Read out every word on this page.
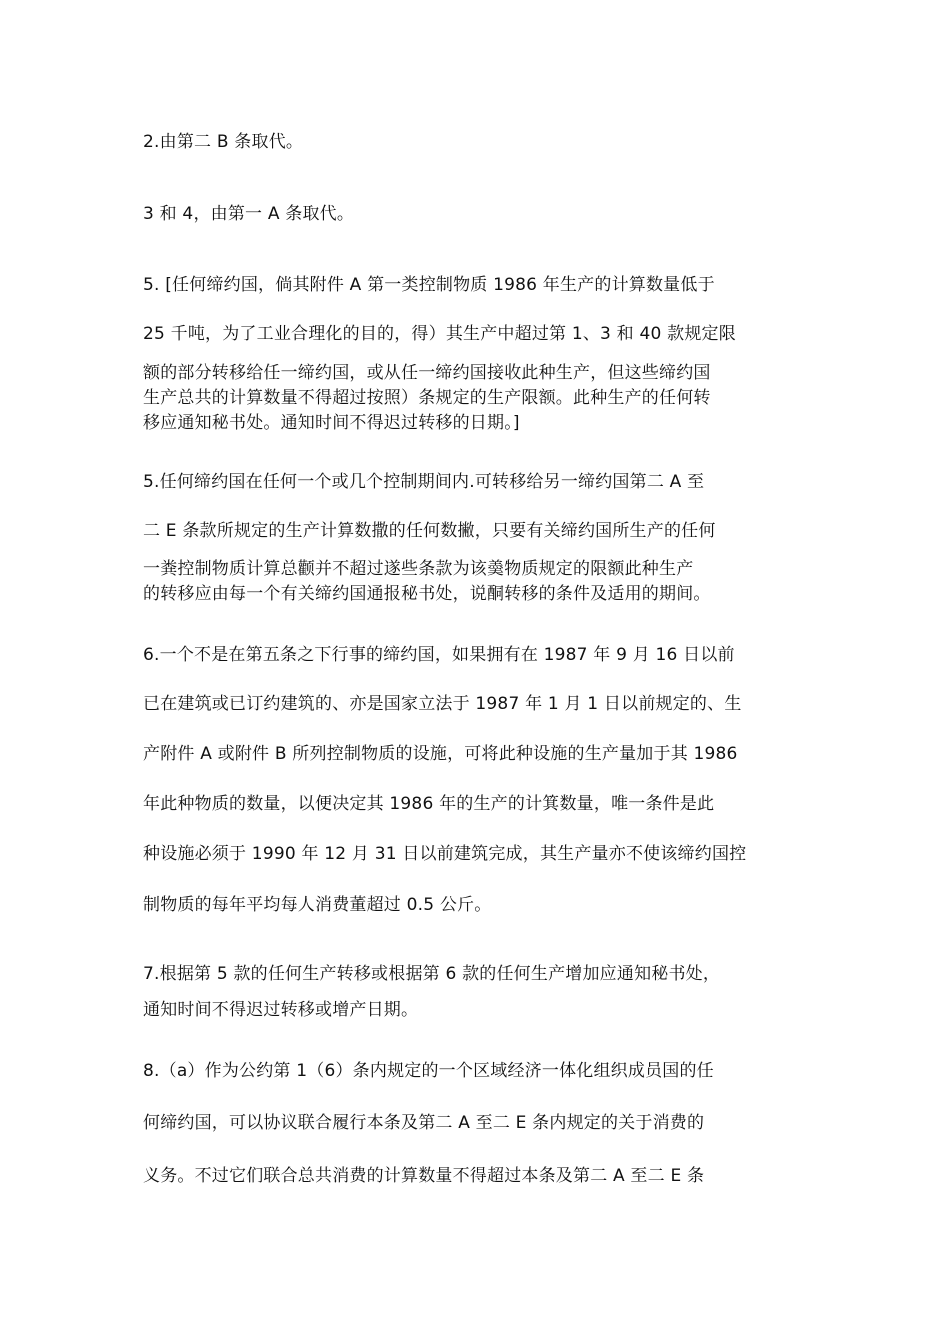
2.由第二 B 条取代。
3 和 4，由第一 A 条取代。
5. [任何缔约国，倘其附件 A 第一类控制物质 1986 年生产的计算数量低于
25 千吨，为了工业合理化的目的，得）其生产中超过第 1、3 和 40 款规定限
额的部分转移给任一缔约国，或从任一缔约国接收此种生产，但这些缔约国
生产总共的计算数量不得超过按照）条规定的生产限额。此种生产的任何转
移应通知秘书处。通知时间不得迟过转移的日期。]
5.任何缔约国在任何一个或几个控制期间内.可转移给另一缔约国第二 A 至
二 E 条款所规定的生产计算数撒的任何数撇，只要有关缔约国所生产的任何
一粪控制物质计算总颧并不超过遂些条款为该羮物质规定的限额此种生产
的转移应由每一个有关缔约国通报秘书处，说酮转移的条件及适用的期间。
6.一个不是在第五条之下行事的缔约国，如果拥有在 1987 年 9 月 16 日以前
已在建筑或已订约建筑的、亦是国家立法于 1987 年 1 月 1 日以前规定的、生
产附件 A 或附件 B 所列控制物质的设施，可将此种设施的生产量加于其 1986
年此种物质的数量，以便决定其 1986 年的生产的计箕数量，唯一条件是此
种设施必须于 1990 年 12 月 31 日以前建筑完成，其生产量亦不使该缔约国控
制物质的每年平均每人消费董超过 0.5 公斤。
7.根据第 5 款的任何生产转移或根据第 6 款的任何生产增加应通知秘书处，
通知时间不得迟过转移或增产日期。
8.（a）作为公约第 1（6）条内规定的一个区域经济一体化组织成员国的任
何缔约国，可以协议联合履行本条及第二 A 至二 E 条内规定的关于消费的
义务。不过它们联合总共消费的计算数量不得超过本条及第二 A 至二 E 条
